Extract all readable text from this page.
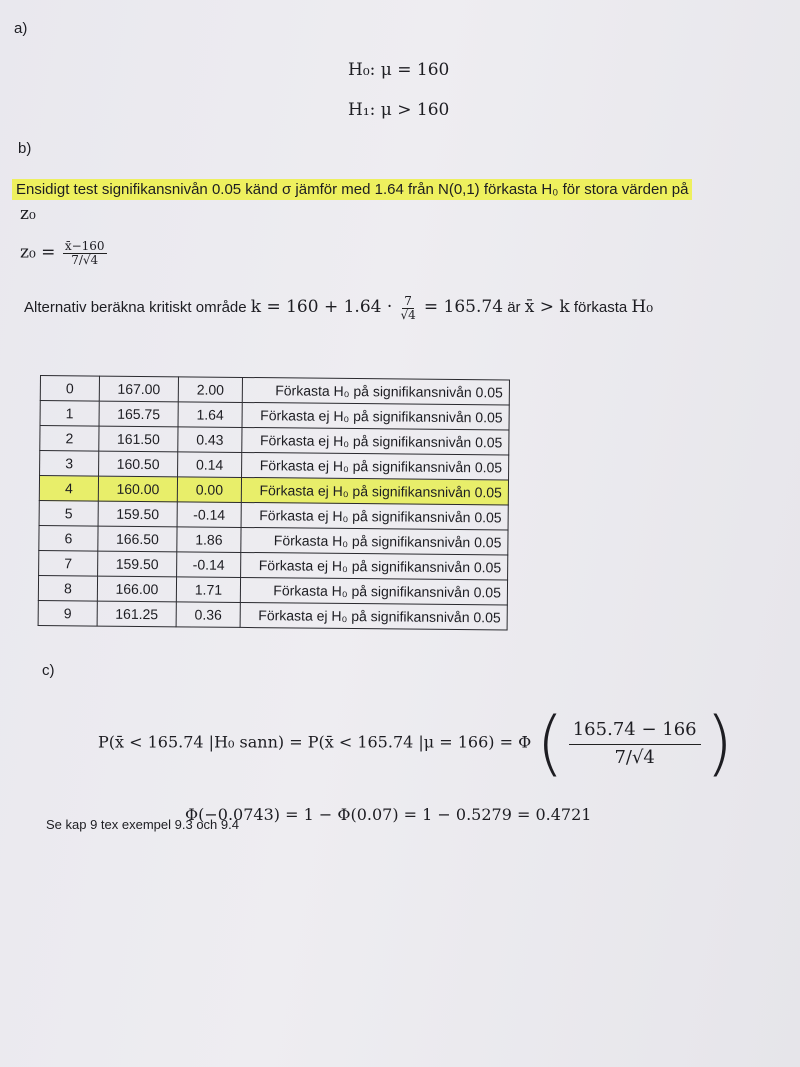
a)
H₀: μ = 160
H₁: μ > 160
b)
Ensidigt test signifikansnivån 0.05 känd σ jämför med 1.64 från N(0,1) förkasta H₀ för stora värden på
z₀
$z_0 = \frac{x̄-160}{7/√4}$
Alternativ beräkna kritiskt område $k = 160 + 1.64 \cdot \frac{7}{√4} = 165.74$ är x̄ > k förkasta H₀
0	167.00	2.00	Förkasta H₀ på signifikansnivån 0.05
1	165.75	1.64	Förkasta ej H₀ på signifikansnivån 0.05
2	161.50	0.43	Förkasta ej H₀ på signifikansnivån 0.05
3	160.50	0.14	Förkasta ej H₀ på signifikansnivån 0.05
4	160.00	0.00	Förkasta ej H₀ på signifikansnivån 0.05
5	159.50	-0.14	Förkasta ej H₀ på signifikansnivån 0.05
6	166.50	1.86	Förkasta H₀ på signifikansnivån 0.05
7	159.50	-0.14	Förkasta ej H₀ på signifikansnivån 0.05
8	166.00	1.71	Förkasta H₀ på signifikansnivån 0.05
9	161.25	0.36	Förkasta ej H₀ på signifikansnivån 0.05
c)
P(x̄ < 165.74 |H₀ sann) = P(x̄ < 165.74 |μ = 166) = Φ ( $\frac{165.74 - 166}{7/√4}$ )
Φ(−0.0743) = 1 − Φ(0.07) = 1 − 0.5279 = 0.4721
Se kap 9 tex exempel 9.3 och 9.4
